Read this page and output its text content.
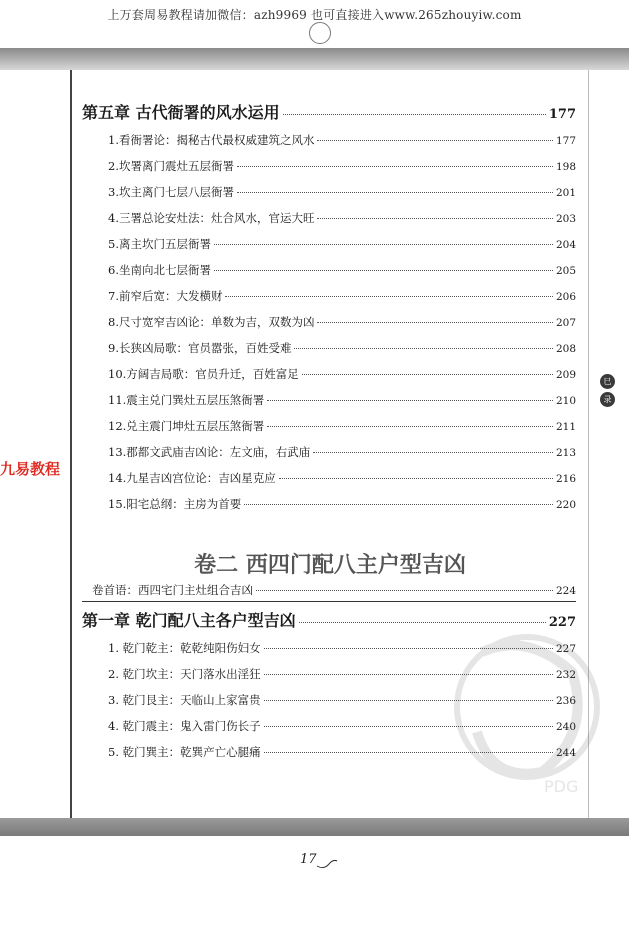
上万套周易教程请加微信：azh9969 也可直接进入www.265zhouyiw.com
第五章 古代衙署的风水运用	177
1.看衙署论：揭秘古代最权威建筑之风水	177
2.坎署离门震灶五层衙署	198
3.坎主离门七层八层衙署	201
4.三署总论安灶法：灶合风水，官运大旺	203
5.离主坎门五层衙署	204
6.坐南向北七层衙署	205
7.前窄后宽：大发横财	206
8.尺寸宽窄吉凶论：单数为吉，双数为凶	207
9.长狭凶局歌：官员嚣张，百姓受难	208
10.方阔吉局歌：官员升迁，百姓富足	209
11.震主兑门巽灶五层压煞衙署	210
12.兑主震门坤灶五层压煞衙署	211
13.郡都文武庙吉凶论：左文庙，右武庙	213
14.九星吉凶宫位论：吉凶星克应	216
15.阳宅总纲：主房为首要	220
卷二 西四门配八主户型吉凶
卷首语：西四宅门主灶组合吉凶	224
第一章 乾门配八主各户型吉凶	227
1. 乾门乾主：乾乾纯阳伤妇女	227
2. 乾门坎主：天门落水出淫狂	232
3. 乾门艮主：天临山上家富贵	236
4. 乾门震主：鬼入雷门伤长子	240
5. 乾门巽主：乾巽产亡心腿痛	244
九易教程
巳
录
17
